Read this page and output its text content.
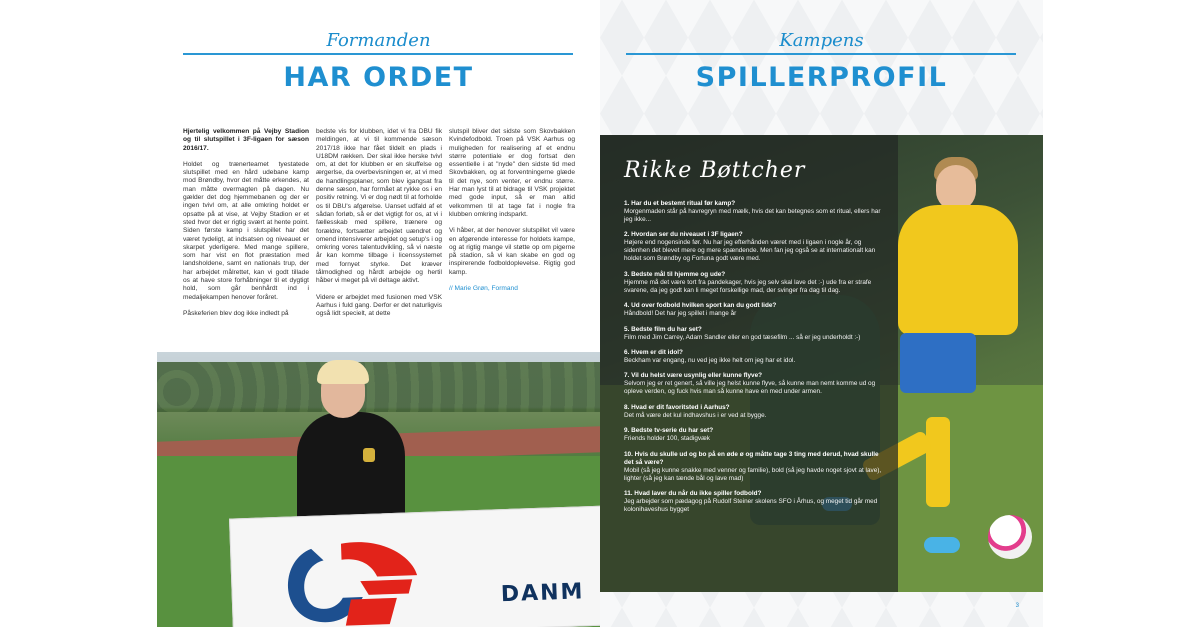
Formanden
HAR ORDET

Hjertelig velkommen på Vejby Stadion og til slutspillet i 3F-ligaen for sæson 2016/17.

Holdet og trænerteamet tyestatede slutspillet med en hård udebane kamp mod Brøndby, hvor det måtte erkendes, at man måtte overmagten på dagen. Nu gælder det dog hjemmebanen og der er ingen tvivl om, at alle omkring holdet er opsatte på at vise, at Vejby Stadion er et sted hvor det er rigtig svært at hente point. Siden første kamp i slutspillet har det været tydeligt, at indsatsen og niveauet er skarpet yderligere. Med mange spillere, som har vist en flot præstation med landsholdene, samt en nationals trup, der har arbejdet målrettet, kan vi godt tillade os at have store forhåbninger til et dygtigt hold, som går benhårdt ind i medaljekampen henover foråret.

Påskeferien blev dog ikke indledt på

bedste vis for klubben, idet vi fra DBU fik meldingen, at vi til kommende sæson 2017/18 ikke har fået tildelt en plads i U18DM rækken. Der skal ikke herske tvivl om, at det for klubben er en skuffelse og ærgerlse, da overbevisningen er, at vi med de handlingsplaner, som blev igangsat fra denne sæson, har formået at rykke os i en positiv retning. Vi er dog nødt til at forholde os til DBU's afgørelse. Uanset udfald af et sådan forløb, så er det vigtigt for os, at vi i fællesskab med spillere, trænere og forældre, fortsætter arbejdet uændret og omend intensiverer arbejdet og setup's i og omkring vores talentudvikling, så vi næste år kan komme tilbage i licenssystemet med fornyet styrke. Det kræver tålmodighed og hårdt arbejde og hertil håber vi meget på vil deltage aktivt.

Videre er arbejdet med fusionen med VSK Aarhus i fuld gang. Derfor er det naturligvis også lidt specielt, at dette

slutspil bliver det sidste som Skovbakken Kvindefodbold. Troen på VSK Aarhus og muligheden for realisering af et endnu større potentiale er dog fortsat den essentielle i at "nyde" den sidste tid med Skovbakken, og at forventningerne glæde til det nye, som venter, er endnu større. Har man lyst til at bidrage til VSK projektet med gode input, så er man altid velkommen til at tage fat i nogle fra klubben omkring indsparkt.

Vi håber, at der henover slutspillet vil være en afgørende interesse for holdets kampe, og at rigtig mange vil støtte op om pigerne på stadion, så vi kan skabe en god og inspirerende fodboldoplevelse. Rigtig god kamp.

// Marie Grøn, Formand

DANM
Kampens
SPILLERPROFIL
Rikke Bøttcher
1. Har du et bestemt ritual før kamp?
Morgenmaden står på havregryn med mælk, hvis det kan betegnes som et ritual, ellers har jeg ikke...
2. Hvordan ser du niveauet i 3F ligaen?
Højere end nogensinde før. Nu har jeg efterhånden været med i ligaen i nogle år, og sidenhen det blevet mere og mere spændende. Men fan jeg også se at internationalt kan holdet som Brøndby og Fortuna godt være med.
3. Bedste mål til hjemme og ude?
Hjemme må det være tort fra pandekager, hvis jeg selv skal lave det :-) ude fra er strafe svarene, da jeg godt kan li meget forskellige mad, der svinger fra dag til dag.
4. Ud over fodbold hvilken sport kan du godt lide?
Håndbold! Det har jeg spillet i mange år
5. Bedste film du har set?
Film med Jim Carrey, Adam Sandler eller en god tæsefilm ... så er jeg underholdt :-)
6. Hvem er dit idol?
Beckham var engang, nu ved jeg ikke helt om jeg har et idol.
7. Vil du helst være usynlig eller kunne flyve?
Selvom jeg er ret genert, så ville jeg helst kunne flyve, så kunne man nemt komme ud og opleve verden, og fuck hvis man så kunne have en med under armen.
8. Hvad er dit favoritsted i Aarhus?
Det må være det kul indhavshus i er ved at bygge.
9. Bedste tv-serie du har set?
Friends holder 100, stadigvæk
10. Hvis du skulle ud og bo på en øde ø og måtte tage 3 ting med derud, hvad skulle det så være?
Mobil (så jeg kunne snakke med venner og familie), bold (så jeg havde noget sjovt at lave), lighter (så jeg kan tænde bål og lave mad)
11. Hvad laver du når du ikke spiller fodbold?
Jeg arbejder som pædagog på Rudolf Steiner skolens SFO i Århus, og meget tid går med kolonihaveshus bygget
3
